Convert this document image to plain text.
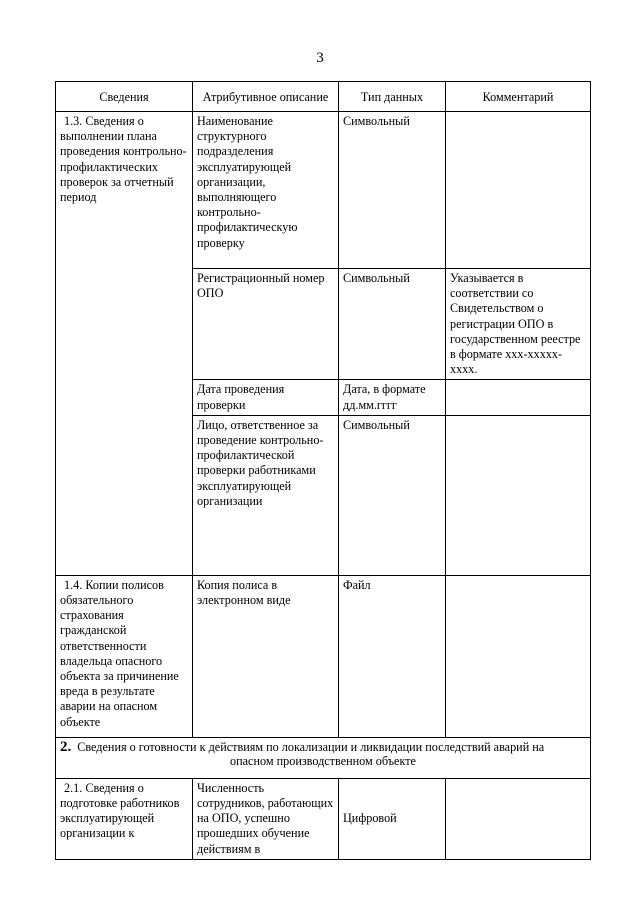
3
Сведения	Атрибутивное описание	Тип данных	Комментарий
1.3. Сведения о выполнении плана проведения контрольно-профилактических проверок за отчетный период	Наименование структурного подразделения эксплуатирующей организации, выполняющего контрольно-профилактическую проверку	Символьный	
	Регистрационный номер ОПО	Символьный	Указывается в соответствии со Свидетельством о регистрации ОПО в государственном реестре в формате ххх-ххххх-хххх.
	Дата проведения проверки	Дата, в формате дд.мм.гггг	
	Лицо, ответственное за проведение контрольно-профилактической проверки работниками эксплуатирующей организации	Символьный	
1.4. Копии полисов обязательного страхования гражданской ответственности владельца опасного объекта за причинение вреда в результате аварии на опасном объекте	Копия полиса в электронном виде	Файл	
2. Сведения о готовности к действиям по локализации и ликвидации последствий аварий на
опасном производственном объекте			

2.1. Сведения о подготовке работников эксплуатирующей организации к	Численность сотрудников, работающих на ОПО, успешно прошедших обучение действиям в	Цифровой	
